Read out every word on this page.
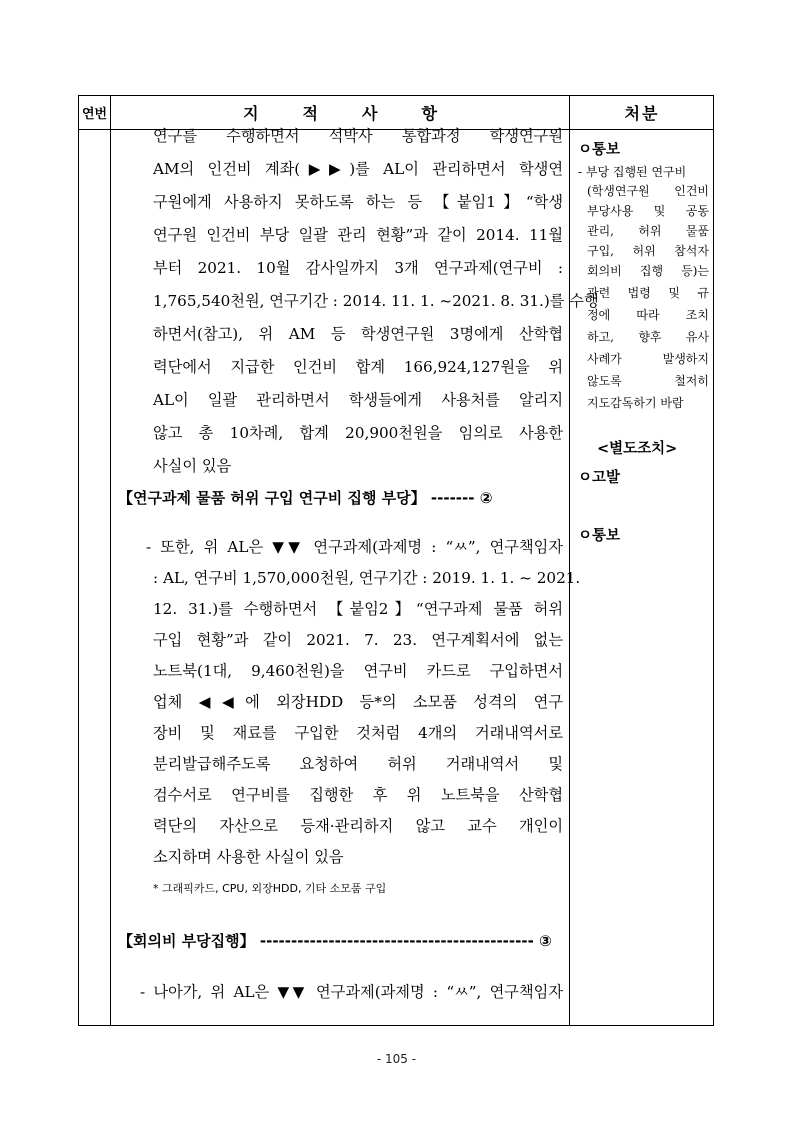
연번	지적사항	처분
연구를 수행하면서 석박사 통합과정 학생연구원
AM의 인건비 계좌(▶▶)를 AL이 관리하면서 학생연
구원에게 사용하지 못하도록 하는 등 【붙임1】“학생
연구원 인건비 부당 일괄 관리 현황”과 같이 2014. 11월
부터 2021. 10월 감사일까지 3개 연구과제(연구비 :
1,765,540천원, 연구기간 : 2014. 11. 1. ~2021. 8. 31.)를 수행
하면서(참고), 위 AM 등 학생연구원 3명에게 산학협
력단에서 지급한 인건비 합계 166,924,127원을 위
AL이 일괄 관리하면서 학생들에게 사용처를 알리지
않고 총 10차례, 합계 20,900천원을 임의로 사용한
사실이 있음
【연구과제 물품 허위 구입 연구비 집행 부당】 ------- ②
- 또한, 위 AL은 ▼▼ 연구과제(과제명 : “ㅆ”, 연구책임자
: AL, 연구비 1,570,000천원, 연구기간 : 2019. 1. 1. ~ 2021.
12. 31.)를 수행하면서 【붙임2】“연구과제 물품 허위
구입 현황”과 같이 2021. 7. 23. 연구계획서에 없는
노트북(1대, 9,460천원)을 연구비 카드로 구입하면서
업체 ◀◀에 외장HDD 등*의 소모품 성격의 연구
장비 및 재료를 구입한 것처럼 4개의 거래내역서로
분리발급해주도록 요청하여 허위 거래내역서 및
검수서로 연구비를 집행한 후 위 노트북을 산학협
력단의 자산으로 등재·관리하지 않고 교수 개인이
소지하며 사용한 사실이 있음
* 그래픽카드, CPU, 외장HDD, 기타 소모품 구입
【회의비 부당집행】 -------------------------------------------- ③
- 나아가, 위 AL은 ▼▼ 연구과제(과제명 : “ㅆ”, 연구책임자
ㅇ통보
- 부당 집행된 연구비
(학생연구원 인건비
부당사용 및 공동
관리, 허위 물품
구입, 허위 참석자
회의비 집행 등)는
관련 법령 및 규
정에 따라 조치
하고, 향후 유사
사례가 발생하지
않도록 철저히
지도감독하기 바람
<별도조치>
ㅇ고발
ㅇ통보
- 105 -
